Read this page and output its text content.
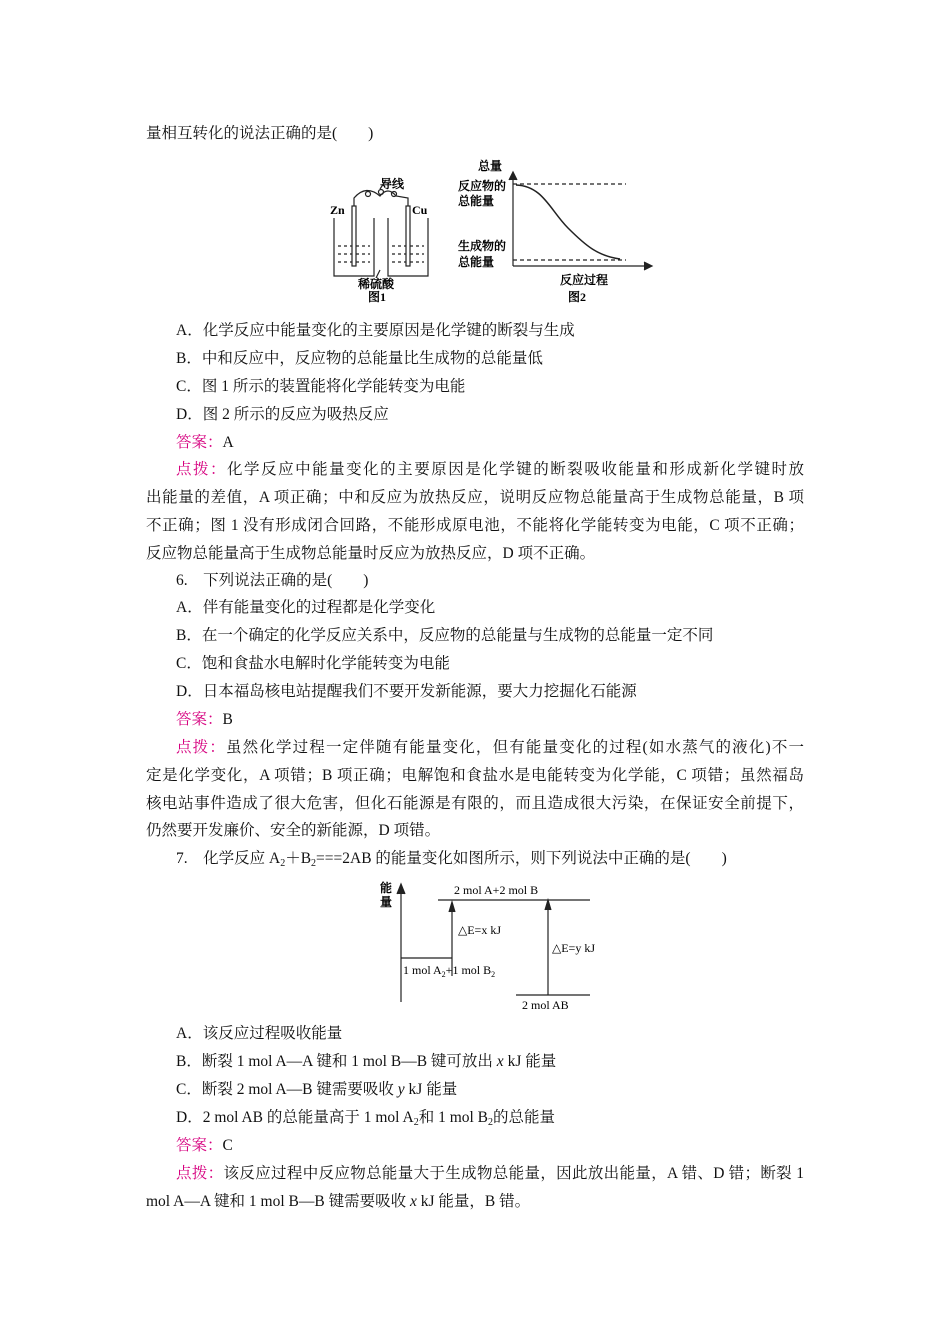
量相互转化的说法正确的是(　　)
导线
Zn	Cu
稀硫酸
图1
总量
反应物的
总能量
生成物的
总能量
反应过程
图2
A．化学反应中能量变化的主要原因是化学键的断裂与生成
B．中和反应中，反应物的总能量比生成物的总能量低
C．图 1 所示的装置能将化学能转变为电能
D．图 2 所示的反应为吸热反应
答案：A
点拨：化学反应中能量变化的主要原因是化学键的断裂吸收能量和形成新化学键时放
出能量的差值，A 项正确；中和反应为放热反应，说明反应物总能量高于生成物总能量，B 项
不正确；图 1 没有形成闭合回路，不能形成原电池，不能将化学能转变为电能，C 项不正确；
反应物总能量高于生成物总能量时反应为放热反应，D 项不正确。
6.　下列说法正确的是(　　)
A．伴有能量变化的过程都是化学变化
B．在一个确定的化学反应关系中，反应物的总能量与生成物的总能量一定不同
C．饱和食盐水电解时化学能转变为电能
D．日本福岛核电站提醒我们不要开发新能源，要大力挖掘化石能源
答案：B
点拨：虽然化学过程一定伴随有能量变化，但有能量变化的过程(如水蒸气的液化)不一
定是化学变化，A 项错；B 项正确；电解饱和食盐水是电能转变为化学能，C 项错；虽然福岛
核电站事件造成了很大危害，但化石能源是有限的，而且造成很大污染，在保证安全前提下，
仍然要开发廉价、安全的新能源，D 项错。
7.　化学反应 $A_2+B_2===2AB$ 的能量变化如图所示，则下列说法中正确的是(　　)
能
量
2 mol A+2 mol B
△E=x kJ
△E=y kJ
1 mol $A_2+1$ mol $B_2$
2 mol AB
A．该反应过程吸收能量
B．断裂 1 mol A—A 键和 1 mol B—B 键可放出 x kJ 能量
C．断裂 2 mol A—B 键需要吸收 y kJ 能量
D．2 mol AB 的总能量高于 1 mol $A_2$和 1 mol $B_2$的总能量
答案：C
点拨：该反应过程中反应物总能量大于生成物总能量，因此放出能量，A 错、D 错；断裂 1
mol A—A 键和 1 mol B—B 键需要吸收 x kJ 能量，B 错。
